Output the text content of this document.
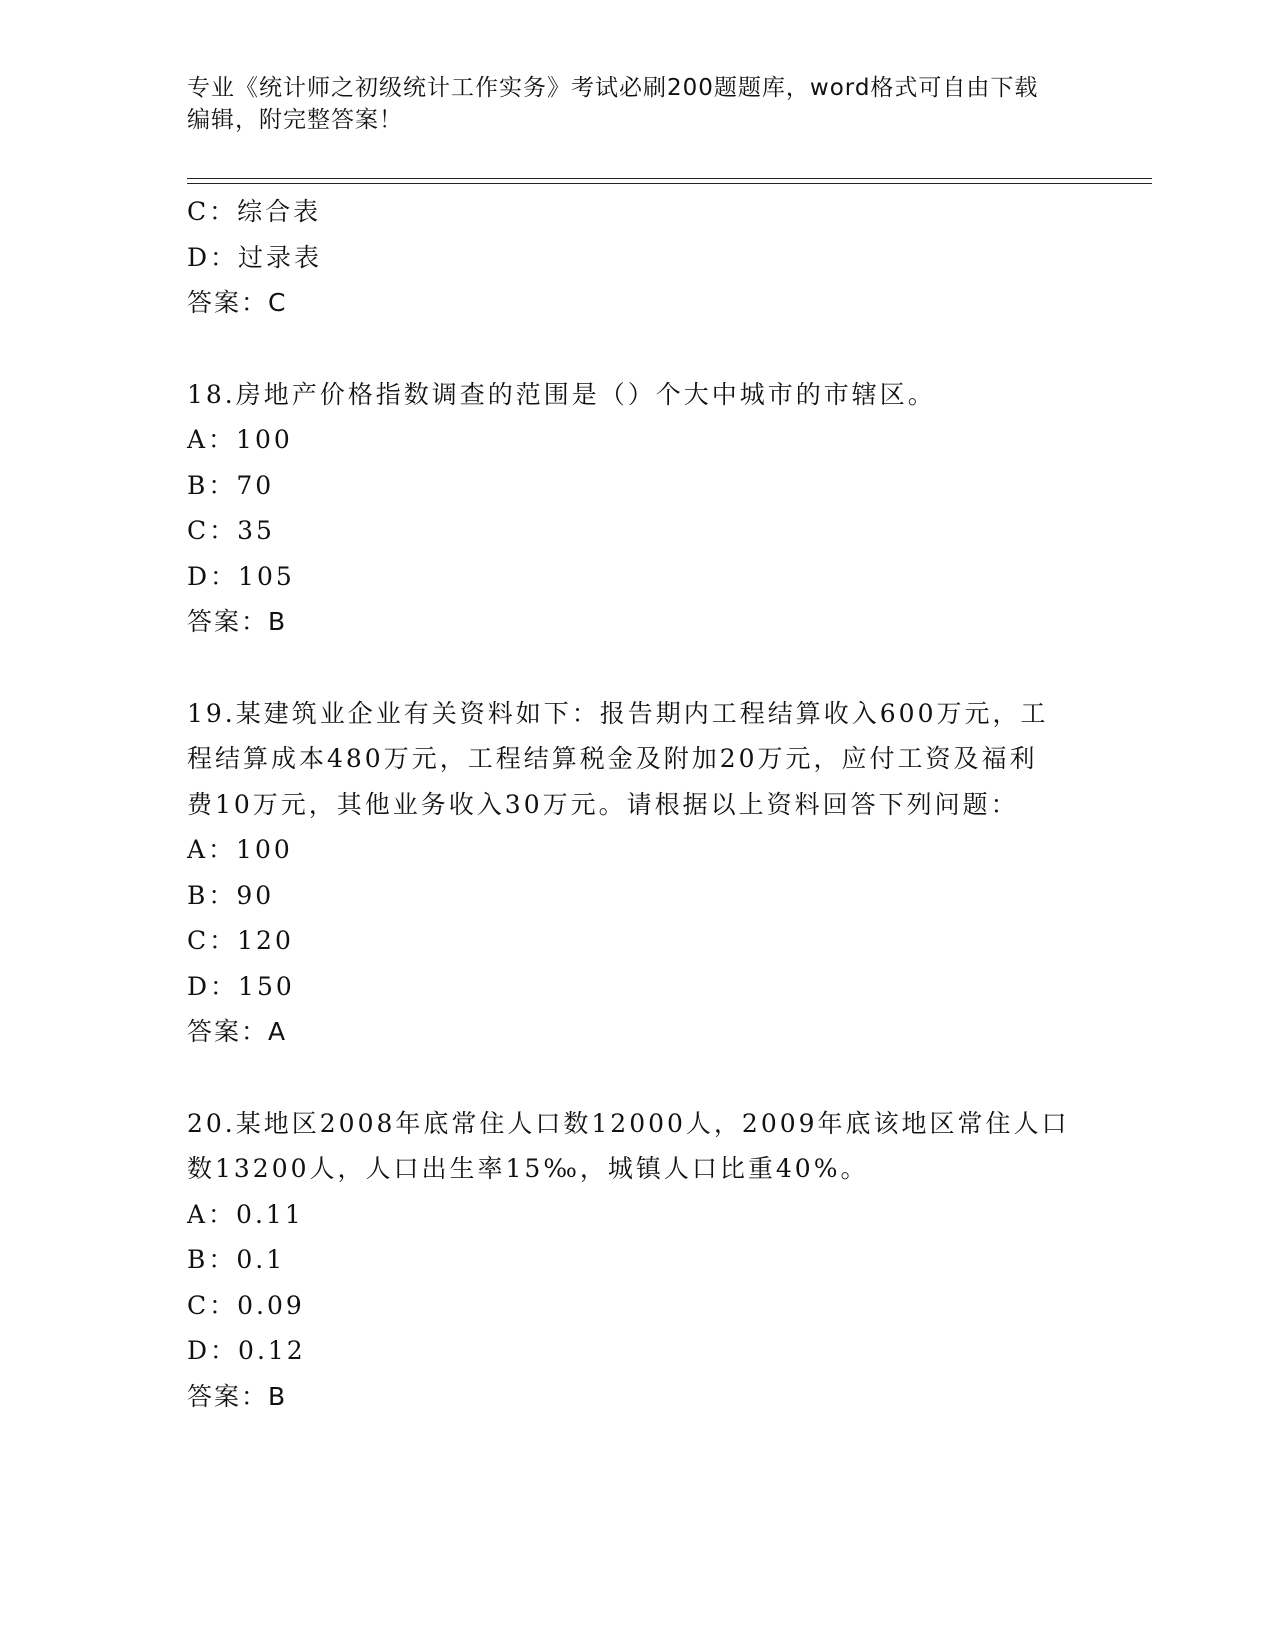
专业《统计师之初级统计工作实务》考试必刷200题题库，word格式可自由下载
编辑，附完整答案！
C：综合表
D：过录表
答案：C
18.房地产价格指数调查的范围是（）个大中城市的市辖区。
A：100
B：70
C：35
D：105
答案：B
19.某建筑业企业有关资料如下：报告期内工程结算收入600万元，工
程结算成本480万元，工程结算税金及附加20万元，应付工资及福利
费10万元，其他业务收入30万元。请根据以上资料回答下列问题：
A：100
B：90
C：120
D：150
答案：A
20.某地区2008年底常住人口数12000人，2009年底该地区常住人口
数13200人，人口出生率15‰，城镇人口比重40%。
A：0.11
B：0.1
C：0.09
D：0.12
答案：B
